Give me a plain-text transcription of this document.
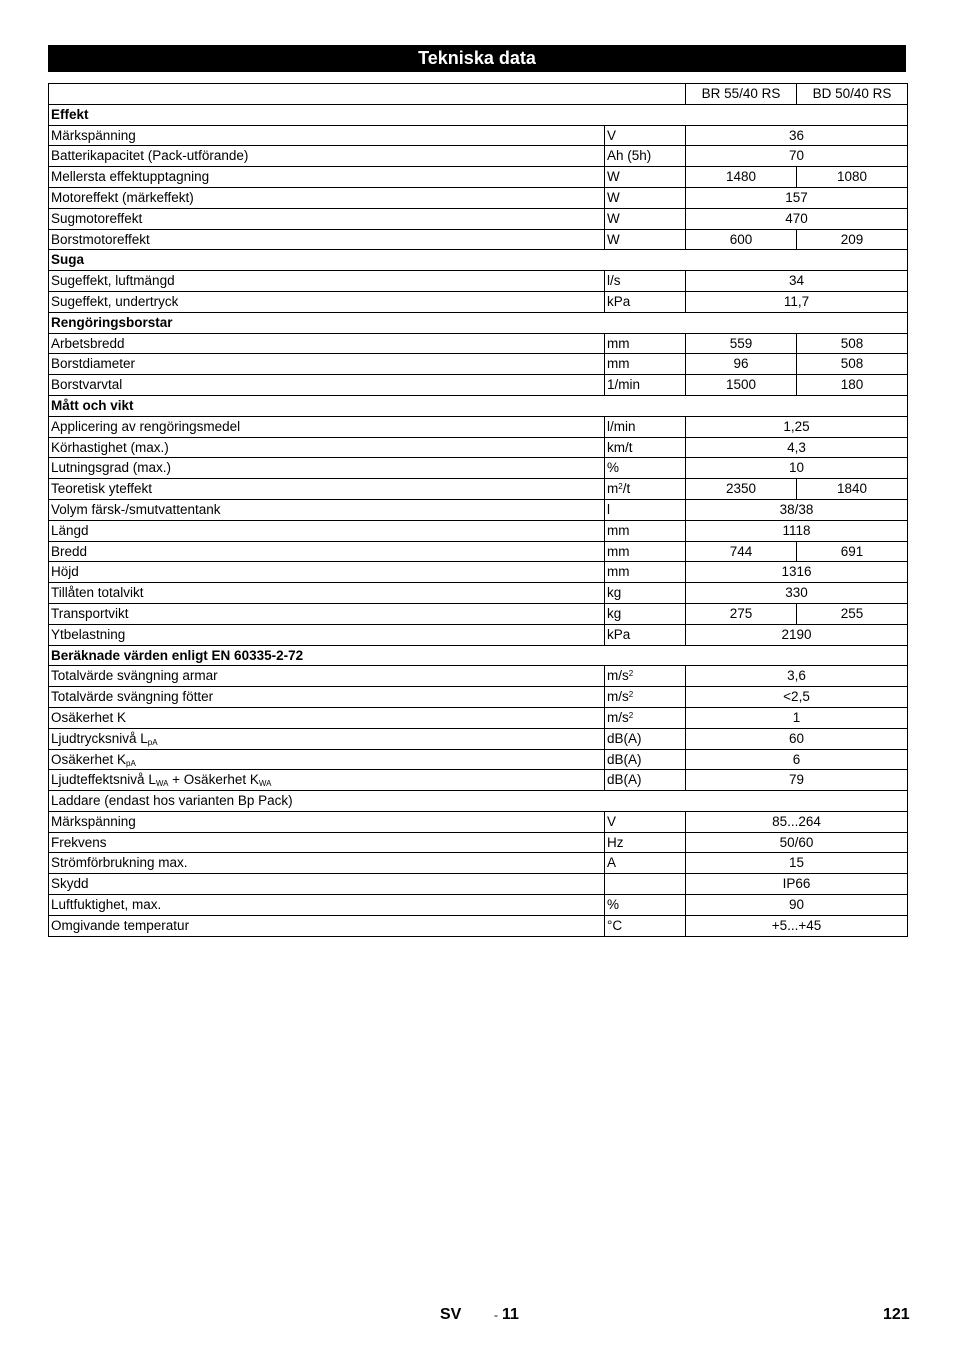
Tekniska data
		BR 55/40 RS	BD 50/40 RS
Effekt			
Märkspänning	V	36	
Batterikapacitet (Pack-utförande)	Ah (5h)	70	
Mellersta effektupptagning	W	1480	1080
Motoreffekt (märkeffekt)	W	157	
Sugmotoreffekt	W	470	
Borstmotoreffekt	W	600	209
Suga			
Sugeffekt, luftmängd	l/s	34	
Sugeffekt, undertryck	kPa	11,7	
Rengöringsborstar			
Arbetsbredd	mm	559	508
Borstdiameter	mm	96	508
Borstvarvtal	1/min	1500	180
Mått och vikt			
Applicering av rengöringsmedel	l/min	1,25	
Körhastighet (max.)	km/t	4,3	
Lutningsgrad (max.)	%	10	
Teoretisk yteffekt	$m^2/t$	2350	1840
Volym färsk-/smutvattentank	l	38/38	
Längd	mm	1118	
Bredd	mm	744	691
Höjd	mm	1316	
Tillåten totalvikt	kg	330	
Transportvikt	kg	275	255
Ytbelastning	kPa	2190	
Beräknade värden enligt EN 60335-2-72			
Totalvärde svängning armar	$m/s^2$	3,6	
Totalvärde svängning fötter	$m/s^2$	<2,5	
Osäkerhet K	$m/s^2$	1	
Ljudtrycksnivå $L_{pA}$	dB(A)	60	
Osäkerhet $K_{pA}$	dB(A)	6	
Ljudteffektsnivå $L_{WA}$ + Osäkerhet $K_{WA}$	dB(A)	79	
Laddare (endast hos varianten Bp Pack)			
Märkspänning	V	85...264	
Frekvens	Hz	50/60	
Strömförbrukning max.	A	15	
Skydd		IP66	
Luftfuktighet, max.	%	90	
Omgivande temperatur	°C	+5...+45	
SV	- 11	121
